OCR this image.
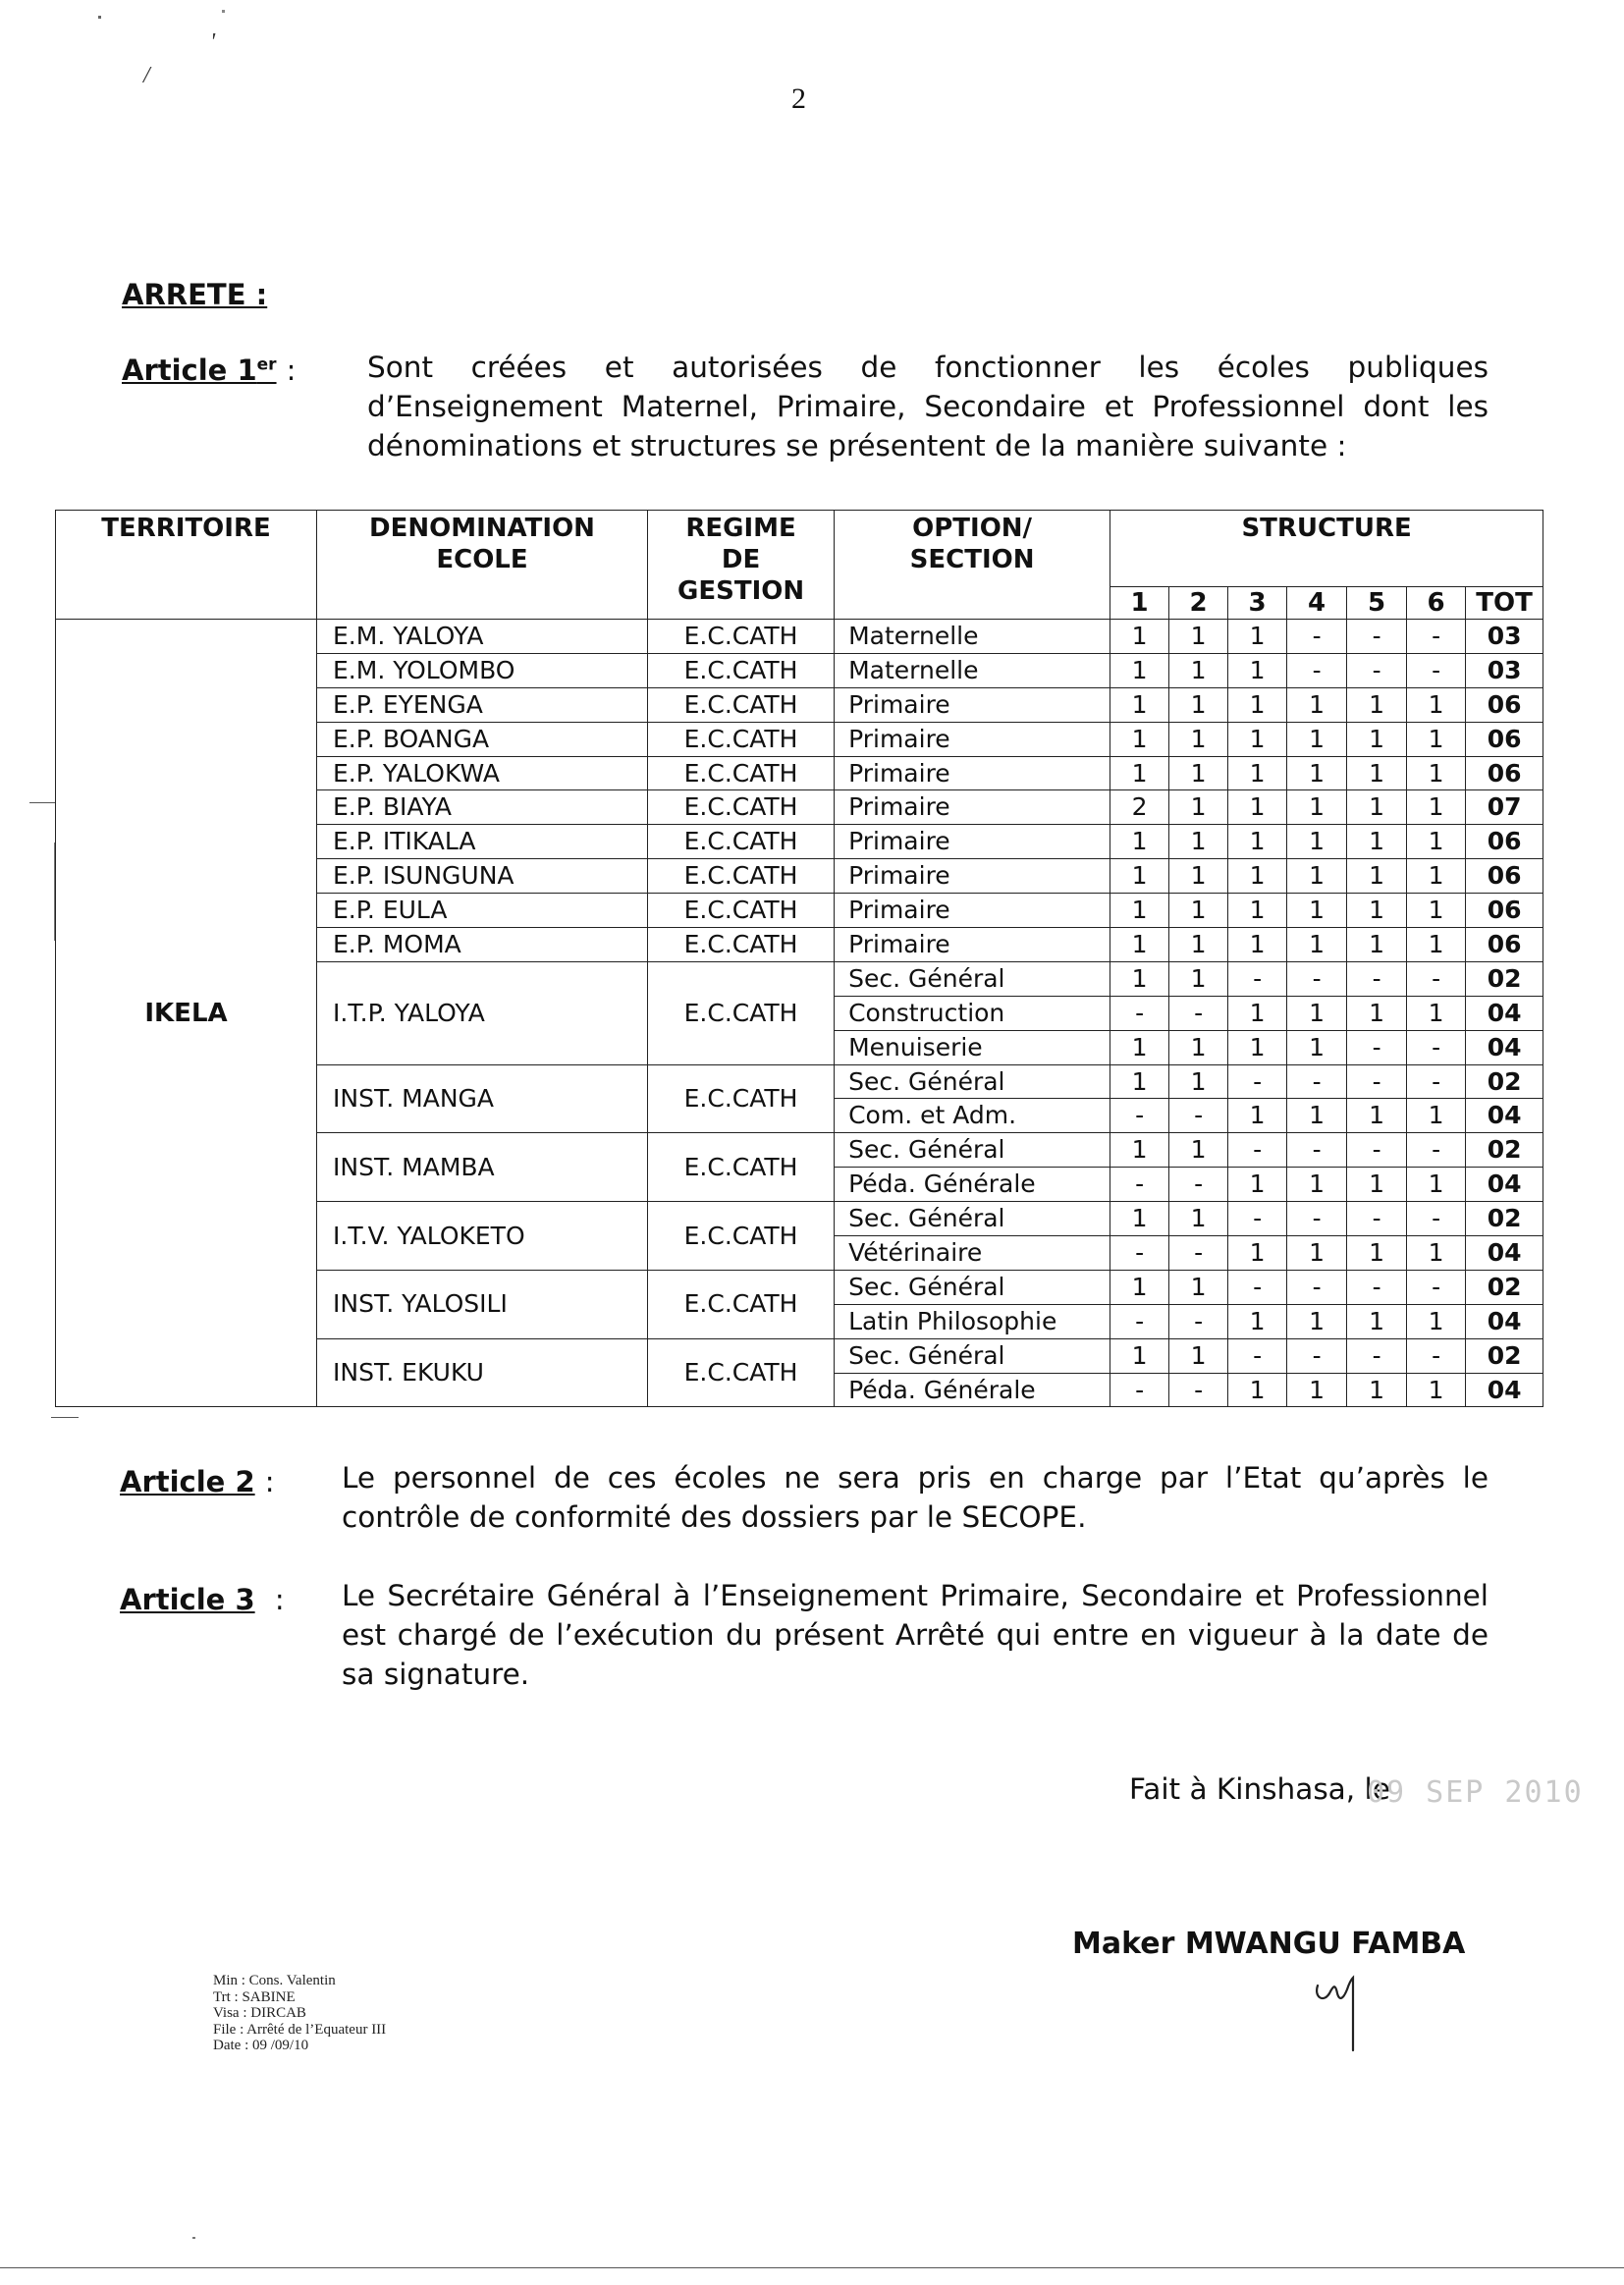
'
/
2
ARRETE :
Article 1er : Sont créées et autorisées de fonctionner les écoles publiques d’Enseignement Maternel, Primaire, Secondaire et Professionnel dont les dénominations et structures se présentent de la manière suivante :
TERRITOIRE	DENOMINATION ECOLE	REGIME DE GESTION	OPTION/ SECTION	STRUCTURE						
				1	2	3	4	5	6	TOT
IKELA	E.M. YALOYA	E.C.CATH	Maternelle	1	1	1	-	-	-	03
	E.M. YOLOMBO	E.C.CATH	Maternelle	1	1	1	-	-	-	03
	E.P. EYENGA	E.C.CATH	Primaire	1	1	1	1	1	1	06
	E.P. BOANGA	E.C.CATH	Primaire	1	1	1	1	1	1	06
	E.P. YALOKWA	E.C.CATH	Primaire	1	1	1	1	1	1	06
	E.P. BIAYA	E.C.CATH	Primaire	2	1	1	1	1	1	07
	E.P. ITIKALA	E.C.CATH	Primaire	1	1	1	1	1	1	06
	E.P. ISUNGUNA	E.C.CATH	Primaire	1	1	1	1	1	1	06
	E.P. EULA	E.C.CATH	Primaire	1	1	1	1	1	1	06
	E.P. MOMA	E.C.CATH	Primaire	1	1	1	1	1	1	06
	I.T.P. YALOYA	E.C.CATH	Sec. Général	1	1	-	-	-	-	02
			Construction	-	-	1	1	1	1	04
			Menuiserie	1	1	1	1	-	-	04
	INST. MANGA	E.C.CATH	Sec. Général	1	1	-	-	-	-	02
			Com. et Adm.	-	-	1	1	1	1	04
	INST. MAMBA	E.C.CATH	Sec. Général	1	1	-	-	-	-	02
			Péda. Générale	-	-	1	1	1	1	04
	I.T.V. YALOKETO	E.C.CATH	Sec. Général	1	1	-	-	-	-	02
			Vétérinaire	-	-	1	1	1	1	04
	INST. YALOSILI	E.C.CATH	Sec. Général	1	1	-	-	-	-	02
			Latin Philosophie	-	-	1	1	1	1	04
	INST. EKUKU	E.C.CATH	Sec. Général	1	1	-	-	-	-	02
			Péda. Générale	-	-	1	1	1	1	04
Article 2 : Le personnel de ces écoles ne sera pris en charge par l’Etat qu’après le contrôle de conformité des dossiers par le SECOPE.
Article 3 : Le Secrétaire Général à l’Enseignement Primaire, Secondaire et Professionnel est chargé de l’exécution du présent Arrêté qui entre en vigueur à la date de sa signature.
Fait à Kinshasa, le
09 SEP 2010
Maker MWANGU FAMBA
Min : Cons. Valentin
Trt : SABINE
Visa : DIRCAB
File : Arrêté de l’Equateur III
Date : 09 /09/10
